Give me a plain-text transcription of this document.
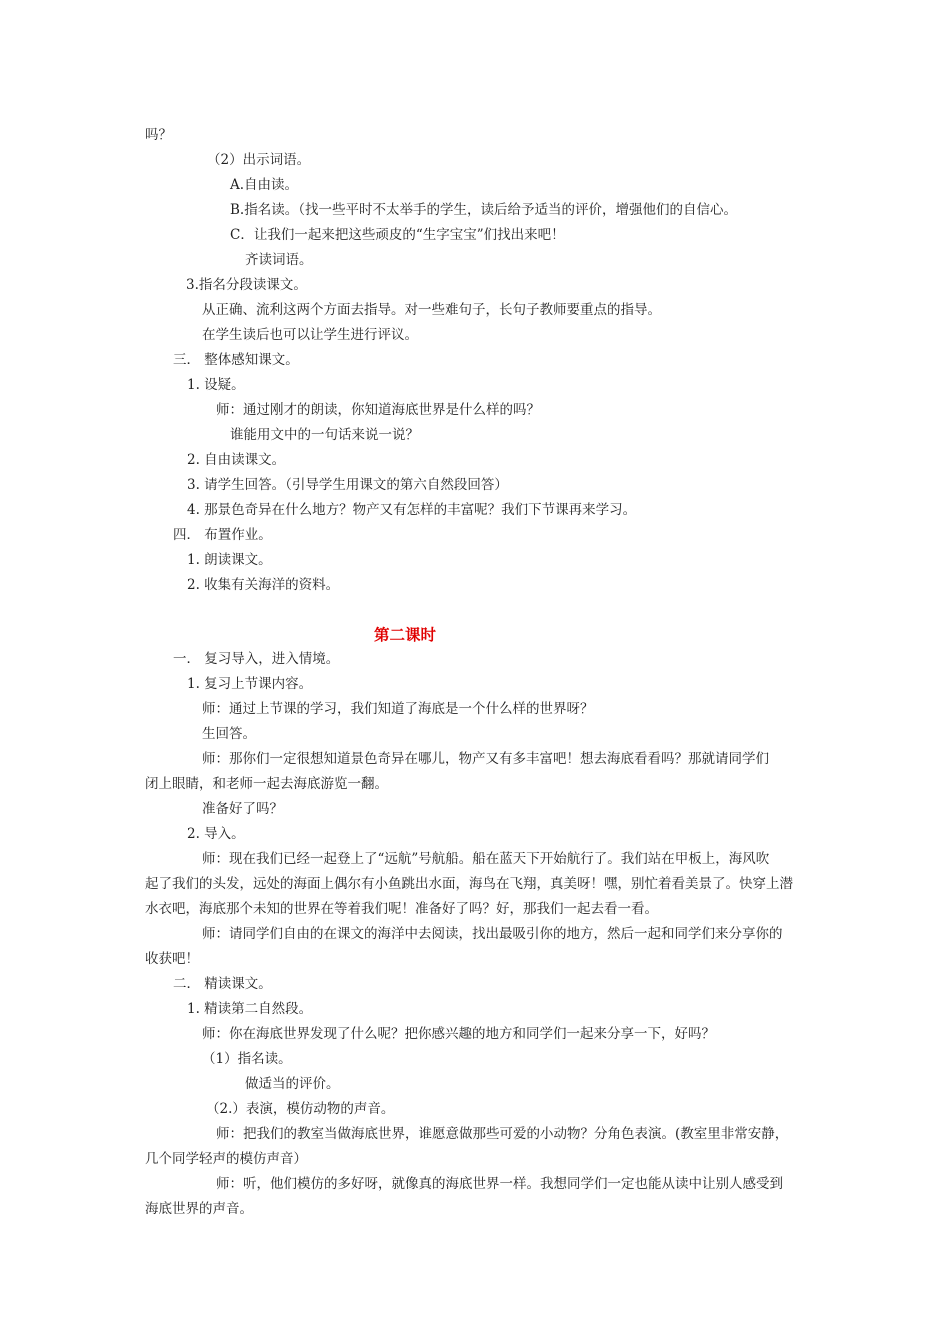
吗？
（2）出示词语。
A.自由读。
B.指名读。（找一些平时不太举手的学生，读后给予适当的评价，增强他们的自信心。
C．让我们一起来把这些顽皮的“生字宝宝”们找出来吧！
齐读词语。
3.指名分段读课文。
从正确、流利这两个方面去指导。对一些难句子，长句子教师要重点的指导。
在学生读后也可以让学生进行评议。
三． 整体感知课文。
1. 设疑。
师：通过刚才的朗读，你知道海底世界是什么样的吗？
谁能用文中的一句话来说一说？
2. 自由读课文。
3. 请学生回答。（引导学生用课文的第六自然段回答）
4. 那景色奇异在什么地方？物产又有怎样的丰富呢？我们下节课再来学习。
四． 布置作业。
1. 朗读课文。
2. 收集有关海洋的资料。
第二课时
一． 复习导入，进入情境。
1. 复习上节课内容。
师：通过上节课的学习，我们知道了海底是一个什么样的世界呀？
生回答。
师：那你们一定很想知道景色奇异在哪儿，物产又有多丰富吧！想去海底看看吗？那就请同学们
闭上眼睛，和老师一起去海底游览一翻。
准备好了吗？
2. 导入。
师：现在我们已经一起登上了“远航”号航船。船在蓝天下开始航行了。我们站在甲板上，海风吹
起了我们的头发，远处的海面上偶尔有小鱼跳出水面，海鸟在飞翔，真美呀！嘿，别忙着看美景了。快穿上潜
水衣吧，海底那个未知的世界在等着我们呢！准备好了吗？好，那我们一起去看一看。
师：请同学们自由的在课文的海洋中去阅读，找出最吸引你的地方，然后一起和同学们来分享你的
收获吧！
二． 精读课文。
1. 精读第二自然段。
师：你在海底世界发现了什么呢？把你感兴趣的地方和同学们一起来分享一下，好吗？
（1）指名读。
做适当的评价。
（2.）表演，模仿动物的声音。
师：把我们的教室当做海底世界，谁愿意做那些可爱的小动物？分角色表演。(教室里非常安静，
几个同学轻声的模仿声音）
师：听，他们模仿的多好呀，就像真的海底世界一样。我想同学们一定也能从读中让别人感受到
海底世界的声音。
